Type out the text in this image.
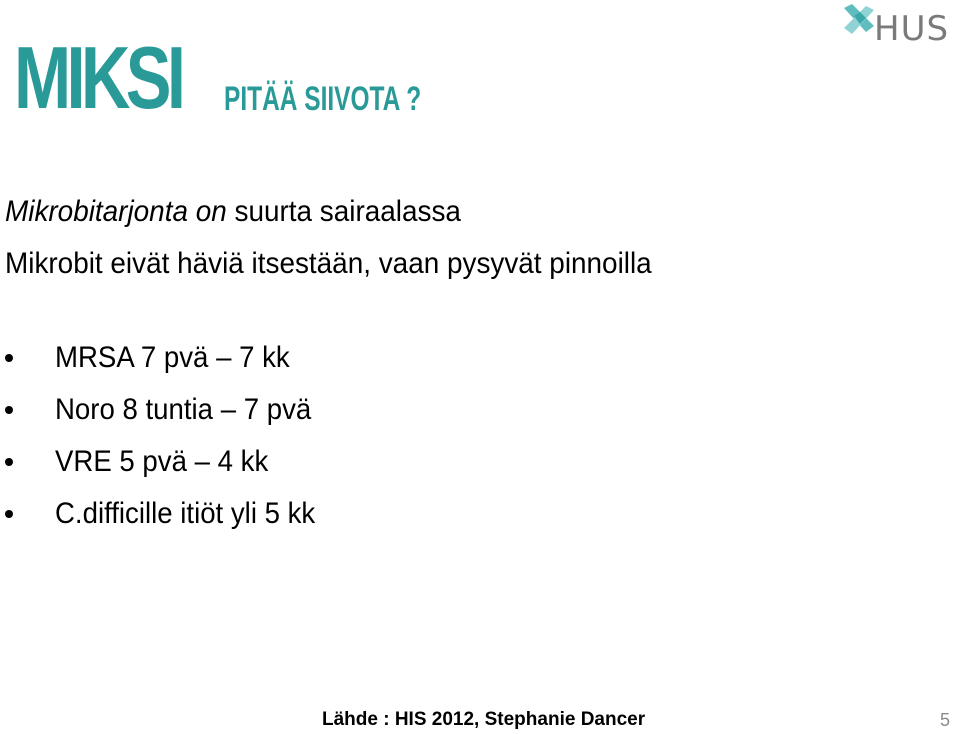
MIKSI PITÄÄ SIIVOTA ?
HUS
Mikrobitarjonta on suurta sairaalassa
Mikrobit eivät häviä itsestään, vaan pysyvät pinnoilla
MRSA 7 pvä – 7 kk
Noro 8 tuntia – 7 pvä
VRE 5 pvä – 4 kk
C.difficille itiöt yli 5 kk
Lähde : HIS 2012, Stephanie Dancer	5
